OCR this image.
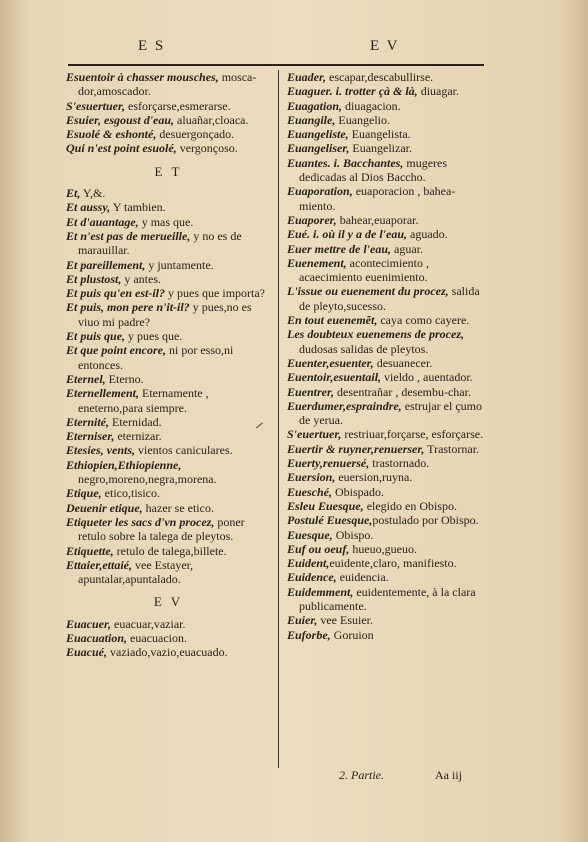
E S	E V

Esuentoir à chasser mousches, mosca-dor,amoscador.

S'esuertuer, esforçarse,esmerarse.

Esuier, esgoust d'eau, aluañar,cloaca.

Esuolé & eshonté, desuergonçado.

Qui n'est point esuolé, vergonçoso.

E T

Et, Y,&.

Et aussy, Y tambien.

Et d'auantage, y mas que.

Et n'est pas de merueille, y no es de marauillar.

Et pareillement, y juntamente.

Et plustost, y antes.

Et puis qu'en est-il? y pues que importa?

Et puis, mon pere n'it-il? y pues,no es viuo mi padre?

Et puis que, y pues que.

Et que point encore, ni por esso,ni entonces.

Eternel, Eterno.

Eternellement, Eternamente , eneterno,para siempre.

Eternité, Eternidad.

Eterniser, eternizar.

Etesies, vents, vientos caniculares.

Ethiopien,Ethiopienne, negro,moreno,negra,morena.

Etique, etico,tisico.

Deuenir etique, hazer se etico.

Etiqueter les sacs d'vn procez, poner retulo sobre la talega de pleytos.

Etiquette, retulo de talega,billete.

Ettaier,ettaié, vee Estayer, apuntalar,apuntalado.

E V

Euacuer, euacuar,vaziar.

Euacuation, euacuacion.

Euacué, vaziado,vazio,euacuado.

Euader, escapar,descabullirse.

Euaguer. i. trotter çà & là, diuagar.

Euagation, diuagacion.

Euangile, Euangelio.

Euangeliste, Euangelista.

Euangeliser, Euangelizar.

Euantes. i. Bacchantes, mugeres dedicadas al Dios Baccho.

Euaporation, euaporacion , bahea-miento.

Euaporer, bahear,euaporar.

Eué. i. où il y a de l'eau, aguado.

Euer mettre de l'eau, aguar.

Euenement, acontecimiento , acaecimiento euenimiento.

L'issue ou euenement du procez, salida de pleyto,sucesso.

En tout euenemẽt, caya como cayere.

Les doubteux euenemens de procez, dudosas salidas de pleytos.

Euenter,esuenter, desuanecer.

Euentoir,esuentail, vieldo , auentador.

Euentrer, desentrañar , desembu-char.

Euerdumer,espraindre, estrujar el çumo de yerua.

S'euertuer, restriuar,forçarse, esforçarse.

Euertir & ruyner,renuerser, Trastornar.

Euerty,renuersé, trastornado.

Euersion, euersion,ruyna.

Euesché, Obispado.

Esleu Euesque, elegido en Obispo.

Postulé Euesque,postulado por Obispo.

Euesque, Obispo.

Euf ou oeuf, hueuo,gueuo.

Euident,euidente,claro, manifiesto.

Euidence, euidencia.

Euidemment, euidentemente, à la clara publicamente.

Euier, vee Esuier.

Euforbe, Goruion

2. Partie.	Aa iij
